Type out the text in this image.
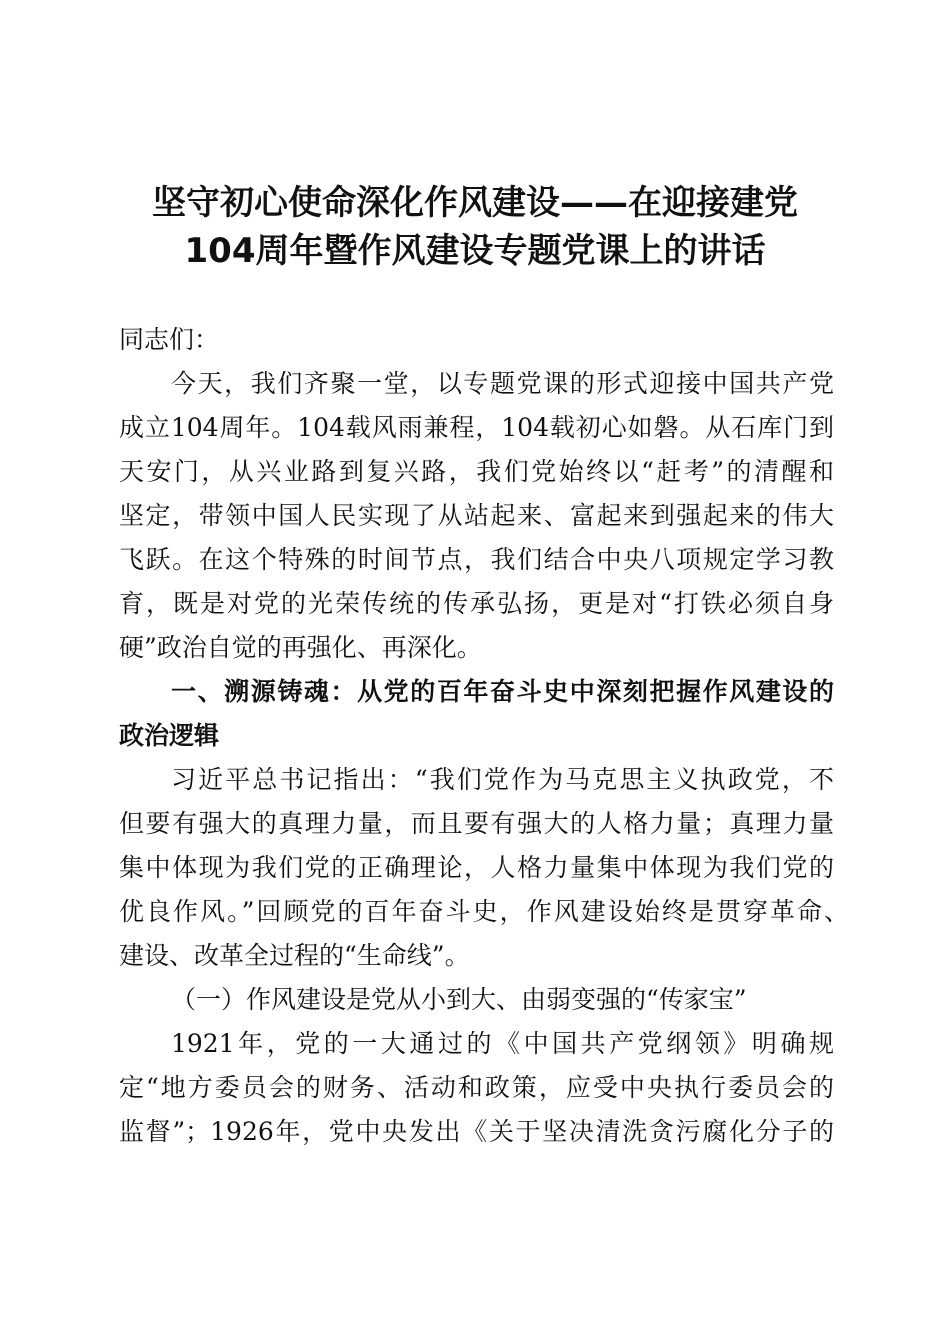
坚守初心使命深化作风建设——在迎接建党
104周年暨作风建设专题党课上的讲话
同志们：
今天，我们齐聚一堂，以专题党课的形式迎接中国共产党
成立104周年。104载风雨兼程，104载初心如磐。从石库门到
天安门，从兴业路到复兴路，我们党始终以“赶考”的清醒和
坚定，带领中国人民实现了从站起来、富起来到强起来的伟大
飞跃。在这个特殊的时间节点，我们结合中央八项规定学习教
育，既是对党的光荣传统的传承弘扬，更是对“打铁必须自身
硬”政治自觉的再强化、再深化。
一、溯源铸魂：从党的百年奋斗史中深刻把握作风建设的
政治逻辑
习近平总书记指出：“我们党作为马克思主义执政党，不
但要有强大的真理力量，而且要有强大的人格力量；真理力量
集中体现为我们党的正确理论，人格力量集中体现为我们党的
优良作风。”回顾党的百年奋斗史，作风建设始终是贯穿革命、
建设、改革全过程的“生命线”。
（一）作风建设是党从小到大、由弱变强的“传家宝”
1921年，党的一大通过的《中国共产党纲领》明确规
定“地方委员会的财务、活动和政策，应受中央执行委员会的
监督”；1926年，党中央发出《关于坚决清洗贪污腐化分子的
